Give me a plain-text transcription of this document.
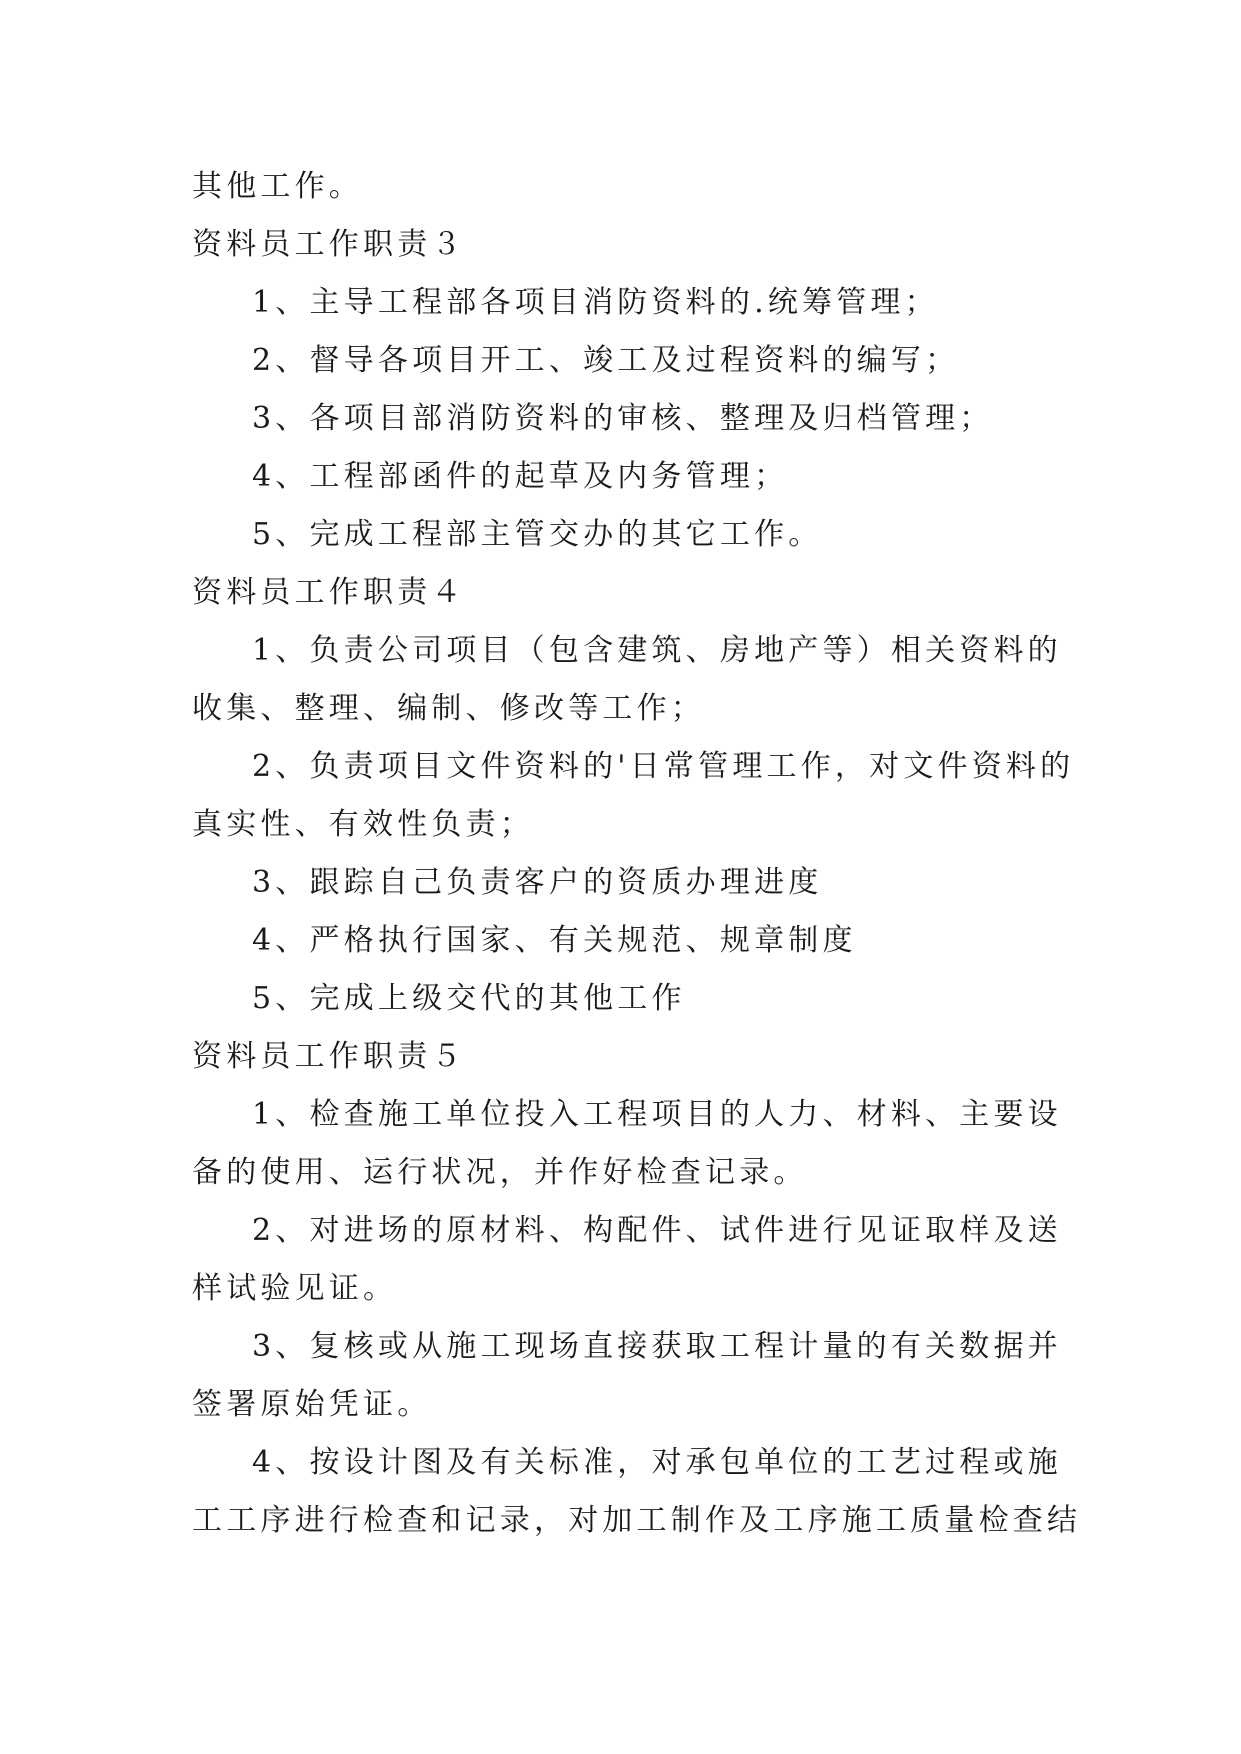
其他工作。

资料员工作职责３

1、主导工程部各项目消防资料的.统筹管理；

2、督导各项目开工、竣工及过程资料的编写；

3、各项目部消防资料的审核、整理及归档管理；

4、工程部函件的起草及内务管理；

5、完成工程部主管交办的其它工作。

资料员工作职责４

1、负责公司项目（包含建筑、房地产等）相关资料的

收集、整理、编制、修改等工作；

2、负责项目文件资料的'日常管理工作，对文件资料的

真实性、有效性负责；

3、跟踪自己负责客户的资质办理进度

4、严格执行国家、有关规范、规章制度

5、完成上级交代的其他工作

资料员工作职责５

1、检查施工单位投入工程项目的人力、材料、主要设

备的使用、运行状况，并作好检查记录。

2、对进场的原材料、构配件、试件进行见证取样及送

样试验见证。

3、复核或从施工现场直接获取工程计量的有关数据并

签署原始凭证。

4、按设计图及有关标准，对承包单位的工艺过程或施

工工序进行检查和记录，对加工制作及工序施工质量检查结
